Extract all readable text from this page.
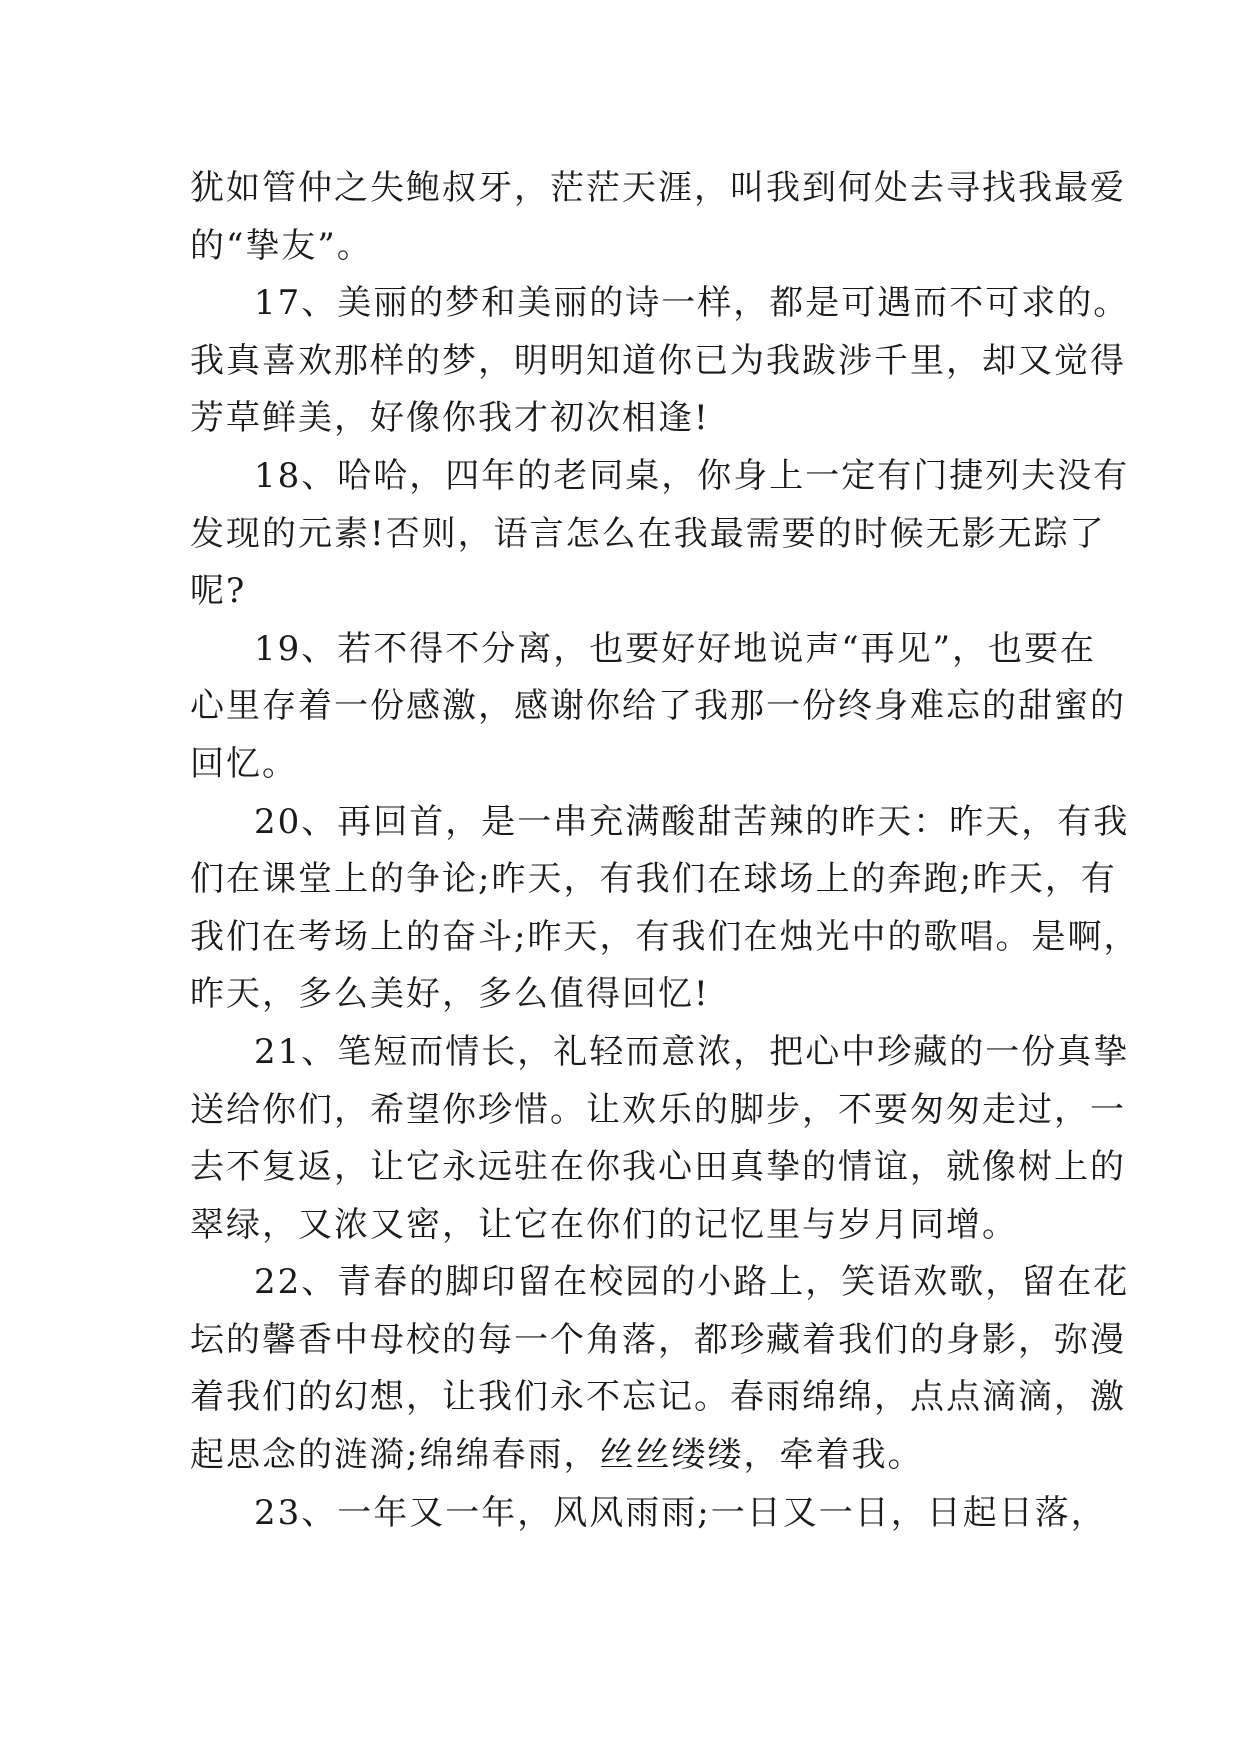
犹如管仲之失鲍叔牙，茫茫天涯，叫我到何处去寻找我最爱
的“挚友”。
17、美丽的梦和美丽的诗一样，都是可遇而不可求的。
我真喜欢那样的梦，明明知道你已为我跋涉千里，却又觉得
芳草鲜美，好像你我才初次相逢!
18、哈哈，四年的老同桌，你身上一定有门捷列夫没有
发现的元素!否则，语言怎么在我最需要的时候无影无踪了
呢?
19、若不得不分离，也要好好地说声“再见”，也要在
心里存着一份感激，感谢你给了我那一份终身难忘的甜蜜的
回忆。
20、再回首，是一串充满酸甜苦辣的昨天：昨天，有我
们在课堂上的争论;昨天，有我们在球场上的奔跑;昨天，有
我们在考场上的奋斗;昨天，有我们在烛光中的歌唱。是啊，
昨天，多么美好，多么值得回忆!
21、笔短而情长，礼轻而意浓，把心中珍藏的一份真挚
送给你们，希望你珍惜。让欢乐的脚步，不要匆匆走过，一
去不复返，让它永远驻在你我心田真挚的情谊，就像树上的
翠绿，又浓又密，让它在你们的记忆里与岁月同增。
22、青春的脚印留在校园的小路上，笑语欢歌，留在花
坛的馨香中母校的每一个角落，都珍藏着我们的身影，弥漫
着我们的幻想，让我们永不忘记。春雨绵绵，点点滴滴，激
起思念的涟漪;绵绵春雨，丝丝缕缕，牵着我。
23、一年又一年，风风雨雨;一日又一日，日起日落，
